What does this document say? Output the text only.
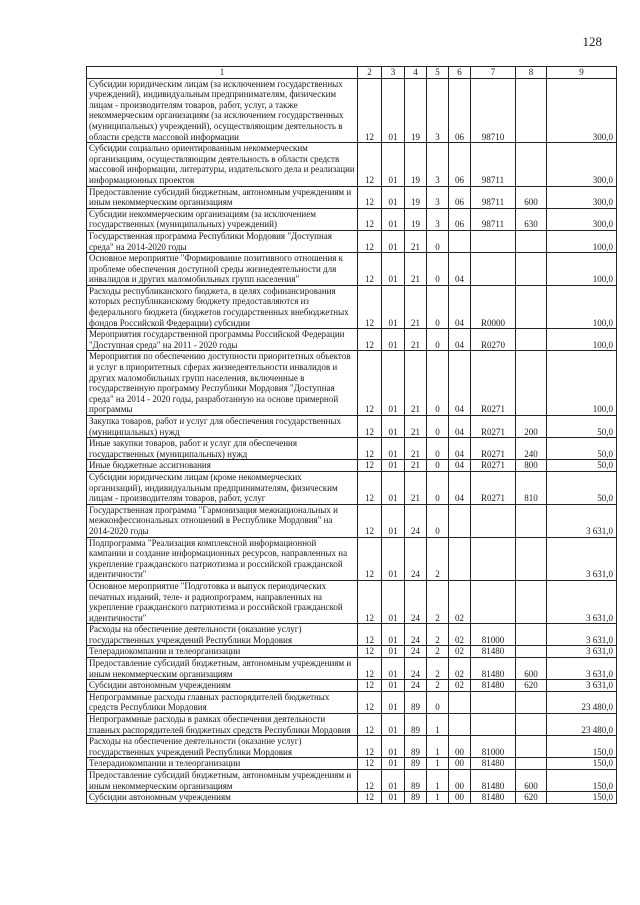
128
1	2	3	4	5	6	7	8	9
Субсидии юридическим лицам (за исключением государственных учреждений), индивидуальным предпринимателям, физическим лицам - производителям товаров, работ, услуг, а также некоммерческим организациям (за исключением государственных (муниципальных) учреждений), осуществляющим деятельность в области средств массовой информации	12	01	19	3	06	98710		300,0
Субсидии социально ориентированным некоммерческим организациям, осуществляющим деятельность в области средств массовой информации, литературы, издательского дела и реализации информационных проектов	12	01	19	3	06	98711		300,0
Предоставление субсидий бюджетным, автономным учреждениям и иным некоммерческим организациям	12	01	19	3	06	98711	600	300,0
Субсидии некоммерческим организациям (за исключением государственных (муниципальных) учреждений)	12	01	19	3	06	98711	630	300,0
Государственная программа Республики Мордовия "Доступная среда" на 2014-2020 годы	12	01	21	0				100,0
Основное мероприятие "Формирование позитивного отношения к проблеме обеспечения доступной среды жизнедеятельности для инвалидов и других маломобильных групп населения"	12	01	21	0	04			100,0
Расходы республиканского бюджета, в целях софинансирования которых республиканскому бюджету предоставляются из федерального бюджета (бюджетов государственных внебюджетных фондов Российской Федерации) субсидии	12	01	21	0	04	R0000		100,0
Мероприятия государственной программы Российской Федерации "Доступная среда" на 2011 - 2020 годы	12	01	21	0	04	R0270		100,0
Мероприятия по обеспечению доступности приоритетных объектов и услуг в приоритетных сферах жизнедеятельности инвалидов и других маломобильных групп населения, включенные в государственную программу Республики Мордовия "Доступная среда" на 2014 - 2020 годы, разработанную на основе примерной программы	12	01	21	0	04	R0271		100,0
Закупка товаров, работ и услуг для обеспечения государственных (муниципальных) нужд	12	01	21	0	04	R0271	200	50,0
Иные закупки товаров, работ и услуг для обеспечения государственных (муниципальных) нужд	12	01	21	0	04	R0271	240	50,0
Иные бюджетные ассигнования	12	01	21	0	04	R0271	800	50,0
Субсидии юридическим лицам (кроме некоммерческих организаций), индивидуальным предпринимателям, физическим лицам - производителям товаров, работ, услуг	12	01	21	0	04	R0271	810	50,0
Государственная программа "Гармонизация межнациональных и межконфессиональных отношений в Республике Мордовия" на 2014-2020 годы	12	01	24	0				3 631,0
Подпрограмма "Реализация комплексной информационной кампании и создание информационных ресурсов, направленных на укрепление гражданского патриотизма и российской гражданской идентичности"	12	01	24	2				3 631,0
Основное мероприятие "Подготовка и выпуск периодических печатных изданий, теле- и радиопрограмм, направленных на укрепление гражданского патриотизма и российской гражданской идентичности"	12	01	24	2	02			3 631,0
Расходы на обеспечение деятельности (оказание услуг) государственных учреждений Республики Мордовия	12	01	24	2	02	81000		3 631,0
Телерадиокомпании и телеорганизации	12	01	24	2	02	81480		3 631,0
Предоставление субсидий бюджетным, автономным учреждениям и иным некоммерческим организациям	12	01	24	2	02	81480	600	3 631,0
Субсидии автономным учреждениям	12	01	24	2	02	81480	620	3 631,0
Непрограммные расходы главных распорядителей бюджетных средств Республики Мордовия	12	01	89	0				23 480,0
Непрограммные расходы в рамках обеспечения деятельности главных распорядителей бюджетных средств Республики Мордовия	12	01	89	1				23 480,0
Расходы на обеспечение деятельности (оказание услуг) государственных учреждений Республики Мордовия	12	01	89	1	00	81000		150,0
Телерадиокомпании и телеорганизации	12	01	89	1	00	81480		150,0
Предоставление субсидий бюджетным, автономным учреждениям и иным некоммерческим организациям	12	01	89	1	00	81480	600	150,0
Субсидии автономным учреждениям	12	01	89	1	00	81480	620	150,0
